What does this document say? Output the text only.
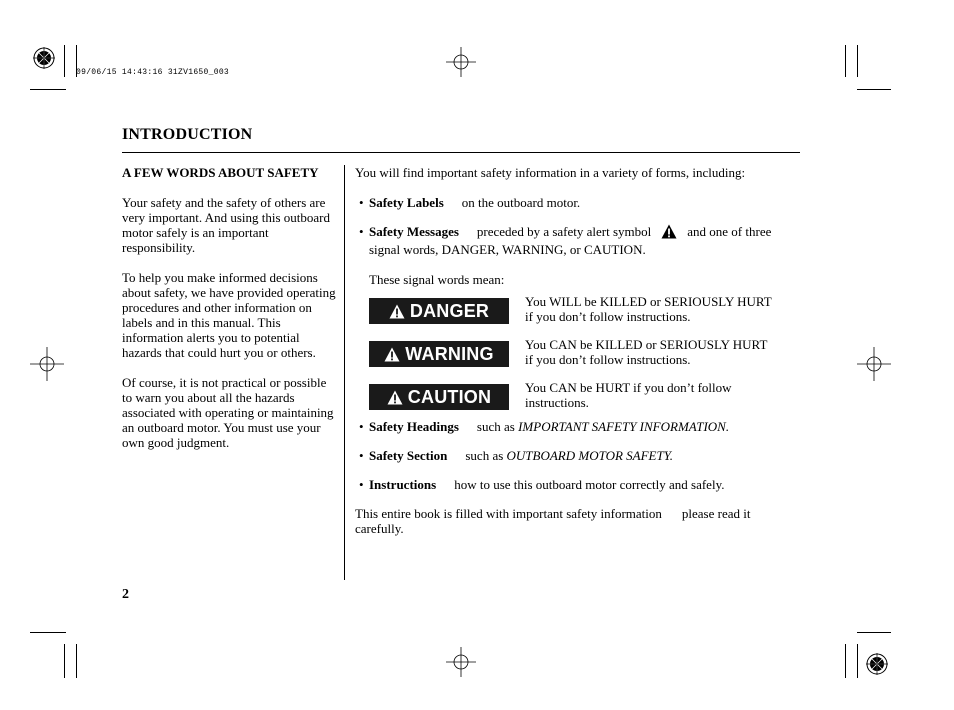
09/06/15 14:43:16 31ZV1650_003
INTRODUCTION
A FEW WORDS ABOUT SAFETY

Your safety and the safety of others are very important. And using this outboard motor safely is an important responsibility.

To help you make informed decisions about safety, we have provided operating procedures and other information on labels and in this manual. This information alerts you to potential hazards that could hurt you or others.

Of course, it is not practical or possible to warn you about all the hazards associated with operating or maintaining an outboard motor. You must use your own good judgment.

You will find important safety information in a variety of forms, including:

• Safety Labels on the outboard motor.

• Safety Messages preceded by a safety alert symbol	and one of three signal words, DANGER, WARNING, or CAUTION.

These signal words mean:

DANGER	You WILL be KILLED or SERIOUSLY HURT if you don’t follow instructions.
WARNING You CAN be KILLED or SERIOUSLY HURT if you don’t follow instructions.
CAUTION	You CAN be HURT if you don’t follow instructions.

• Safety Headings such as IMPORTANT SAFETY INFORMATION.

• Safety Section such as OUTBOARD MOTOR SAFETY.

• Instructions how to use this outboard motor correctly and safely.

This entire book is filled with important safety information please read it carefully.

2
